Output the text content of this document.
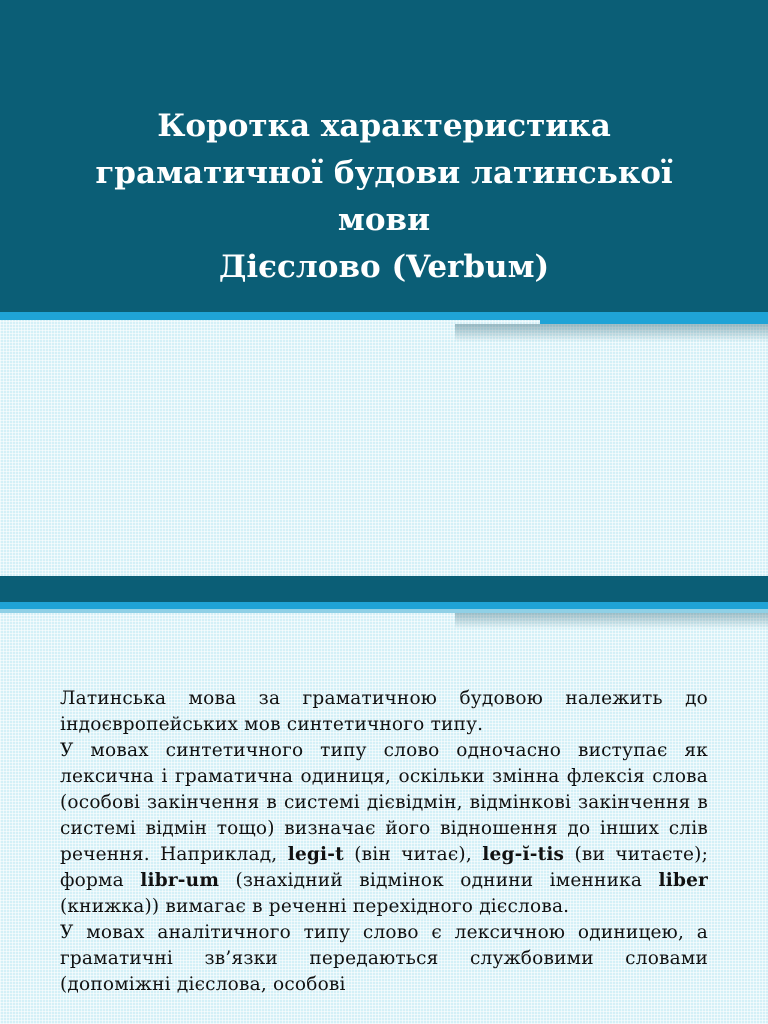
Коротка характеристика
граматичної будови латинської
мови
Дієслово (Verbuм)

Латинська мова за граматичною будовою належить до індоєвропейських мов синтетичного типу.

У мовах синтетичного типу слово одночасно виступає як лексична і граматична одиниця, оскільки змінна флексія слова (особові закінчення в системі дієвідмін, відмінкові закінчення в системі відмін тощо) визначає його відношення до інших слів речення. Наприклад, legi-t (він читає), leg-ĭ-tis (ви читаєте); форма libr-um (знахідний відмінок однини іменника liber (книжка)) вимагає в реченні перехідного дієслова.

У мовах аналітичного типу слово є лексичною одиницею, а граматичні зв’язки передаються службовими словами (допоміжні дієслова, особові
